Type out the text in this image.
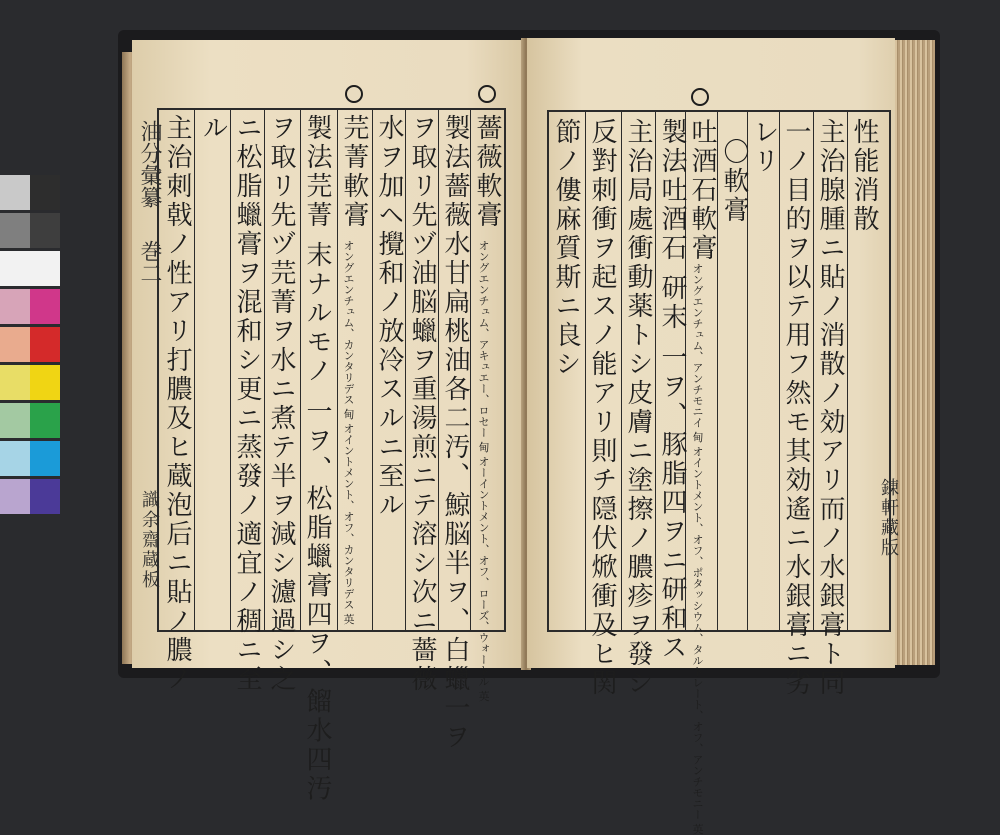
薔薇軟膏
オングエンチュム、アキュエー、ロセー 甸 オーイントメント、オフ、ローズ、ウォートル 英
製法薔薇水甘扁桃油各二汚、鯨脳半ヲ、白蠟一ヲ
ヲ取リ先ヅ油脳蠟ヲ重湯煎ニテ溶シ次ニ薔薇
水ヲ加ヘ攪和ノ放冷スルニ至ル
芫菁軟膏
オングエンチュム、カンタリデス 甸 オイントメント、オフ、カンタリデス 英
製法芫菁 末ナルモノ 一ヲ、松脂蠟膏四ヲ、餾水四汚
ヲ取リ先ヅ芫菁ヲ水ニ煮テ半ヲ減シ濾過シ之
ニ松脂蠟膏ヲ混和シ更ニ蒸發ノ適宜ノ稠ニ至
ル
主治刺戟ノ性アリ打膿及ヒ蔵泡后ニ貼ノ膿ノ
油分彙纂
巻二
識余齋蔵板
性能消散
主治腺腫ニ貼ノ消散ノ効アリ而ノ水銀膏ト同
一ノ目的ヲ以テ用フ然モ其効遙ニ水銀膏ニ劣
レリ
〇軟膏
吐酒石軟膏
オングエンチュム、アンチモニイ 甸 オイントメント、オフ、ポタッシウム、タルトレート、オフ、アンチモニー 英
製法吐酒石 研末 一ヲ、豚脂四ヲニ研和ス
主治局處衝動薬トシ皮膚ニ塗擦ノ膿疹ヲ發シ
反對刺衝ヲ起スノ能アリ則チ隠伏焮衝及ヒ関
節ノ僂麻質斯ニ良シ
錬軒藏版
